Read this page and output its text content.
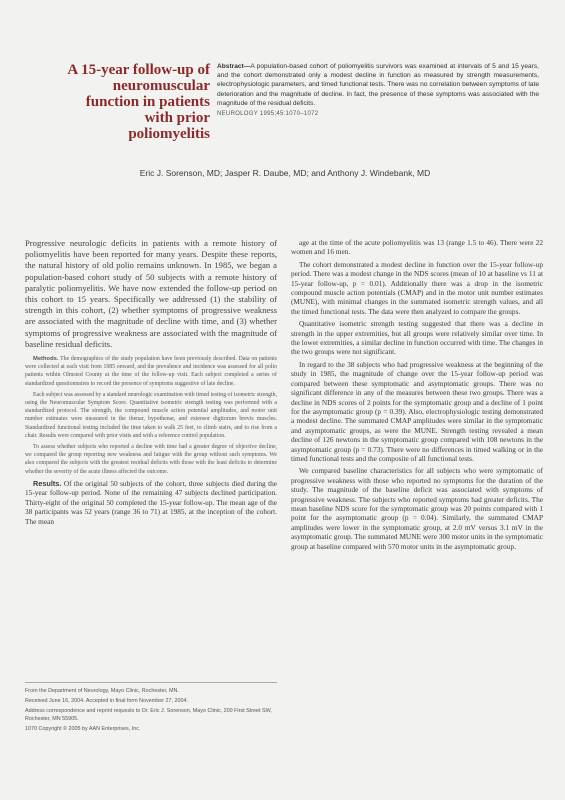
A 15-year follow-up of
neuromuscular
function in patients
with prior
poliomyelitis
Abstract—A population-based cohort of poliomyelitis survivors was examined at intervals of 5 and 15 years, and the cohort demonstrated only a modest decline in function as measured by strength measurements, electrophysiologic parameters, and timed functional tests. There was no correlation between symptoms of late deterioration and the magnitude of decline. In fact, the presence of these symptoms was associated with the magnitude of the residual deficits.
NEUROLOGY 1995;45:1070–1072
Eric J. Sorenson, MD; Jasper R. Daube, MD; and Anthony J. Windebank, MD
Progressive neurologic deficits in patients with a remote history of poliomyelitis have been reported for many years. Despite these reports, the natural history of old polio remains unknown. In 1985, we began a population-based cohort study of 50 subjects with a remote history of paralytic poliomyelitis. We have now extended the follow-up period on this cohort to 15 years. Specifically we addressed (1) the stability of strength in this cohort, (2) whether symptoms of progressive weakness are associated with the magnitude of decline with time, and (3) whether symptoms of progressive weakness are associated with the magnitude of baseline residual deficits.

Methods. The demographics of the study population have been previously described. Data on patients were collected at each visit from 1985 onward, and the prevalence and incidence was assessed for all polio patients within Olmsted County at the time of the follow-up visit. Each subject completed a series of standardized questionnaires to record the presence of symptoms suggestive of late decline.

Each subject was assessed by a standard neurologic examination with timed testing of isometric strength, using the Neuromuscular Symptom Score. Quantitative isometric strength testing was performed with a standardized protocol. The strength, the compound muscle action potential amplitudes, and motor unit number estimates were measured in the thenar, hypothenar, and extensor digitorum brevis muscles. Standardized functional testing included the time taken to walk 25 feet, to climb stairs, and to rise from a chair. Results were compared with prior visits and with a reference control population.

To assess whether subjects who reported a decline with time had a greater degree of objective decline, we compared the group reporting new weakness and fatigue with the group without such symptoms. We also compared the subjects with the greatest residual deficits with those with the least deficits to determine whether the severity of the acute illness affected the outcome.

Results. Of the original 50 subjects of the cohort, three subjects died during the 15-year follow-up period. None of the remaining 47 subjects declined participation. Thirty-eight of the original 50 completed the 15-year follow-up. The mean age of the 38 participants was 52 years (range 36 to 71) at 1985, at the inception of the cohort. The mean

From the Department of Neurology, Mayo Clinic, Rochester, MN.
Received June 16, 2004. Accepted in final form November 27, 2004.
Address correspondence and reprint requests to Dr. Eric J. Sorenson, Mayo Clinic, 200 First Street SW, Rochester, MN 55905.
1070 Copyright © 2005 by AAN Enterprises, Inc.

age at the time of the acute poliomyelitis was 13 (range 1.5 to 46). There were 22 women and 16 men.

The cohort demonstrated a modest decline in function over the 15-year follow-up period. There was a modest change in the NDS scores (mean of 10 at baseline vs 11 at 15-year follow-up, p = 0.01). Additionally there was a drop in the isometric compound muscle action potentials (CMAP) and in the motor unit number estimates (MUNE), with minimal changes in the summated isometric strength values, and all the timed functional tests. The data were then analyzed to compare the groups.

Quantitative isometric strength testing suggested that there was a decline in strength in the upper extremities, but all groups were relatively similar over time. In the lower extremities, a similar decline in function occurred with time. The changes in the two groups were not significant.

In regard to the 38 subjects who had progressive weakness at the beginning of the study in 1985, the magnitude of change over the 15-year follow-up period was compared between these symptomatic and asymptomatic groups. There was no significant difference in any of the measures between these two groups. There was a decline in NDS scores of 2 points for the symptomatic group and a decline of 1 point for the asymptomatic group (p = 0.39). Also, electrophysiologic testing demonstrated a modest decline. The summated CMAP amplitudes were similar in the symptomatic and asymptomatic groups, as were the MUNE. Strength testing revealed a mean decline of 126 newtons in the symptomatic group compared with 108 newtons in the asymptomatic group (p = 0.73). There were no differences in timed walking or in the timed functional tests and the composite of all functional tests.

We compared baseline characteristics for all subjects who were symptomatic of progressive weakness with those who reported no symptoms for the duration of the study. The magnitude of the baseline deficit was associated with symptoms of progressive weakness. The subjects who reported symptoms had greater deficits. The mean baseline NDS score for the symptomatic group was 20 points compared with 1 point for the asymptomatic group (p = 0.04). Similarly, the summated CMAP amplitudes were lower in the symptomatic group, at 2.0 mV versus 3.1 mV in the asymptomatic group. The summated MUNE were 300 motor units in the symptomatic group at baseline compared with 570 motor units in the asymptomatic group.
